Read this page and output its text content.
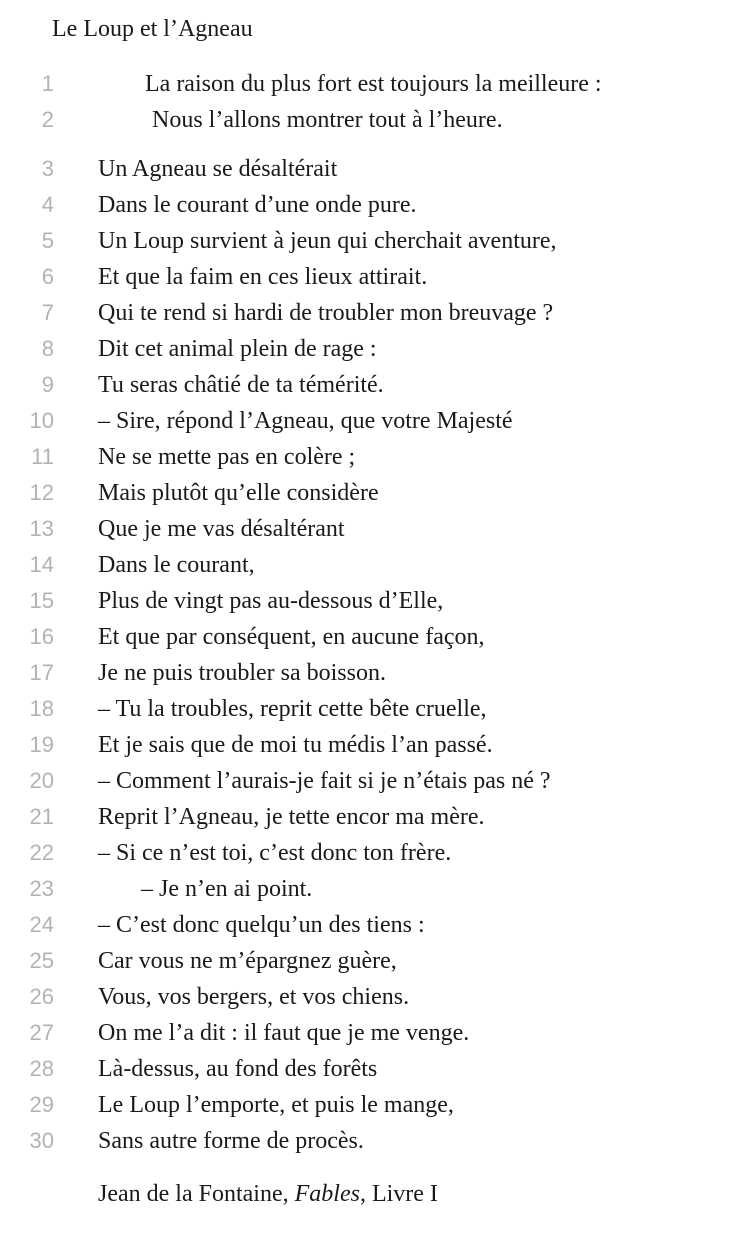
Le Loup et l’Agneau
1	La raison du plus fort est toujours la meilleure :
2	Nous l’allons montrer tout à l’heure.
3 Un Agneau se désaltérait
4 Dans le courant d’une onde pure.
5 Un Loup survient à jeun qui cherchait aventure,
6 Et que la faim en ces lieux attirait.
7 Qui te rend si hardi de troubler mon breuvage ?
8 Dit cet animal plein de rage :
9 Tu seras châtié de ta témérité.
10 – Sire, répond l’Agneau, que votre Majesté
11 Ne se mette pas en colère ;
12 Mais plutôt qu’elle considère
13 Que je me vas désaltérant
14 Dans le courant,
15 Plus de vingt pas au-dessous d’Elle,
16 Et que par conséquent, en aucune façon,
17 Je ne puis troubler sa boisson.
18 – Tu la troubles, reprit cette bête cruelle,
19 Et je sais que de moi tu médis l’an passé.
20 – Comment l’aurais-je fait si je n’étais pas né ?
21 Reprit l’Agneau, je tette encor ma mère.
22 – Si ce n’est toi, c’est donc ton frère.
23	– Je n’en ai point.
24 – C’est donc quelqu’un des tiens :
25 Car vous ne m’épargnez guère,
26 Vous, vos bergers, et vos chiens.
27 On me l’a dit : il faut que je me venge.
28 Là-dessus, au fond des forêts
29 Le Loup l’emporte, et puis le mange,
30 Sans autre forme de procès.
Jean de la Fontaine, Fables, Livre I
